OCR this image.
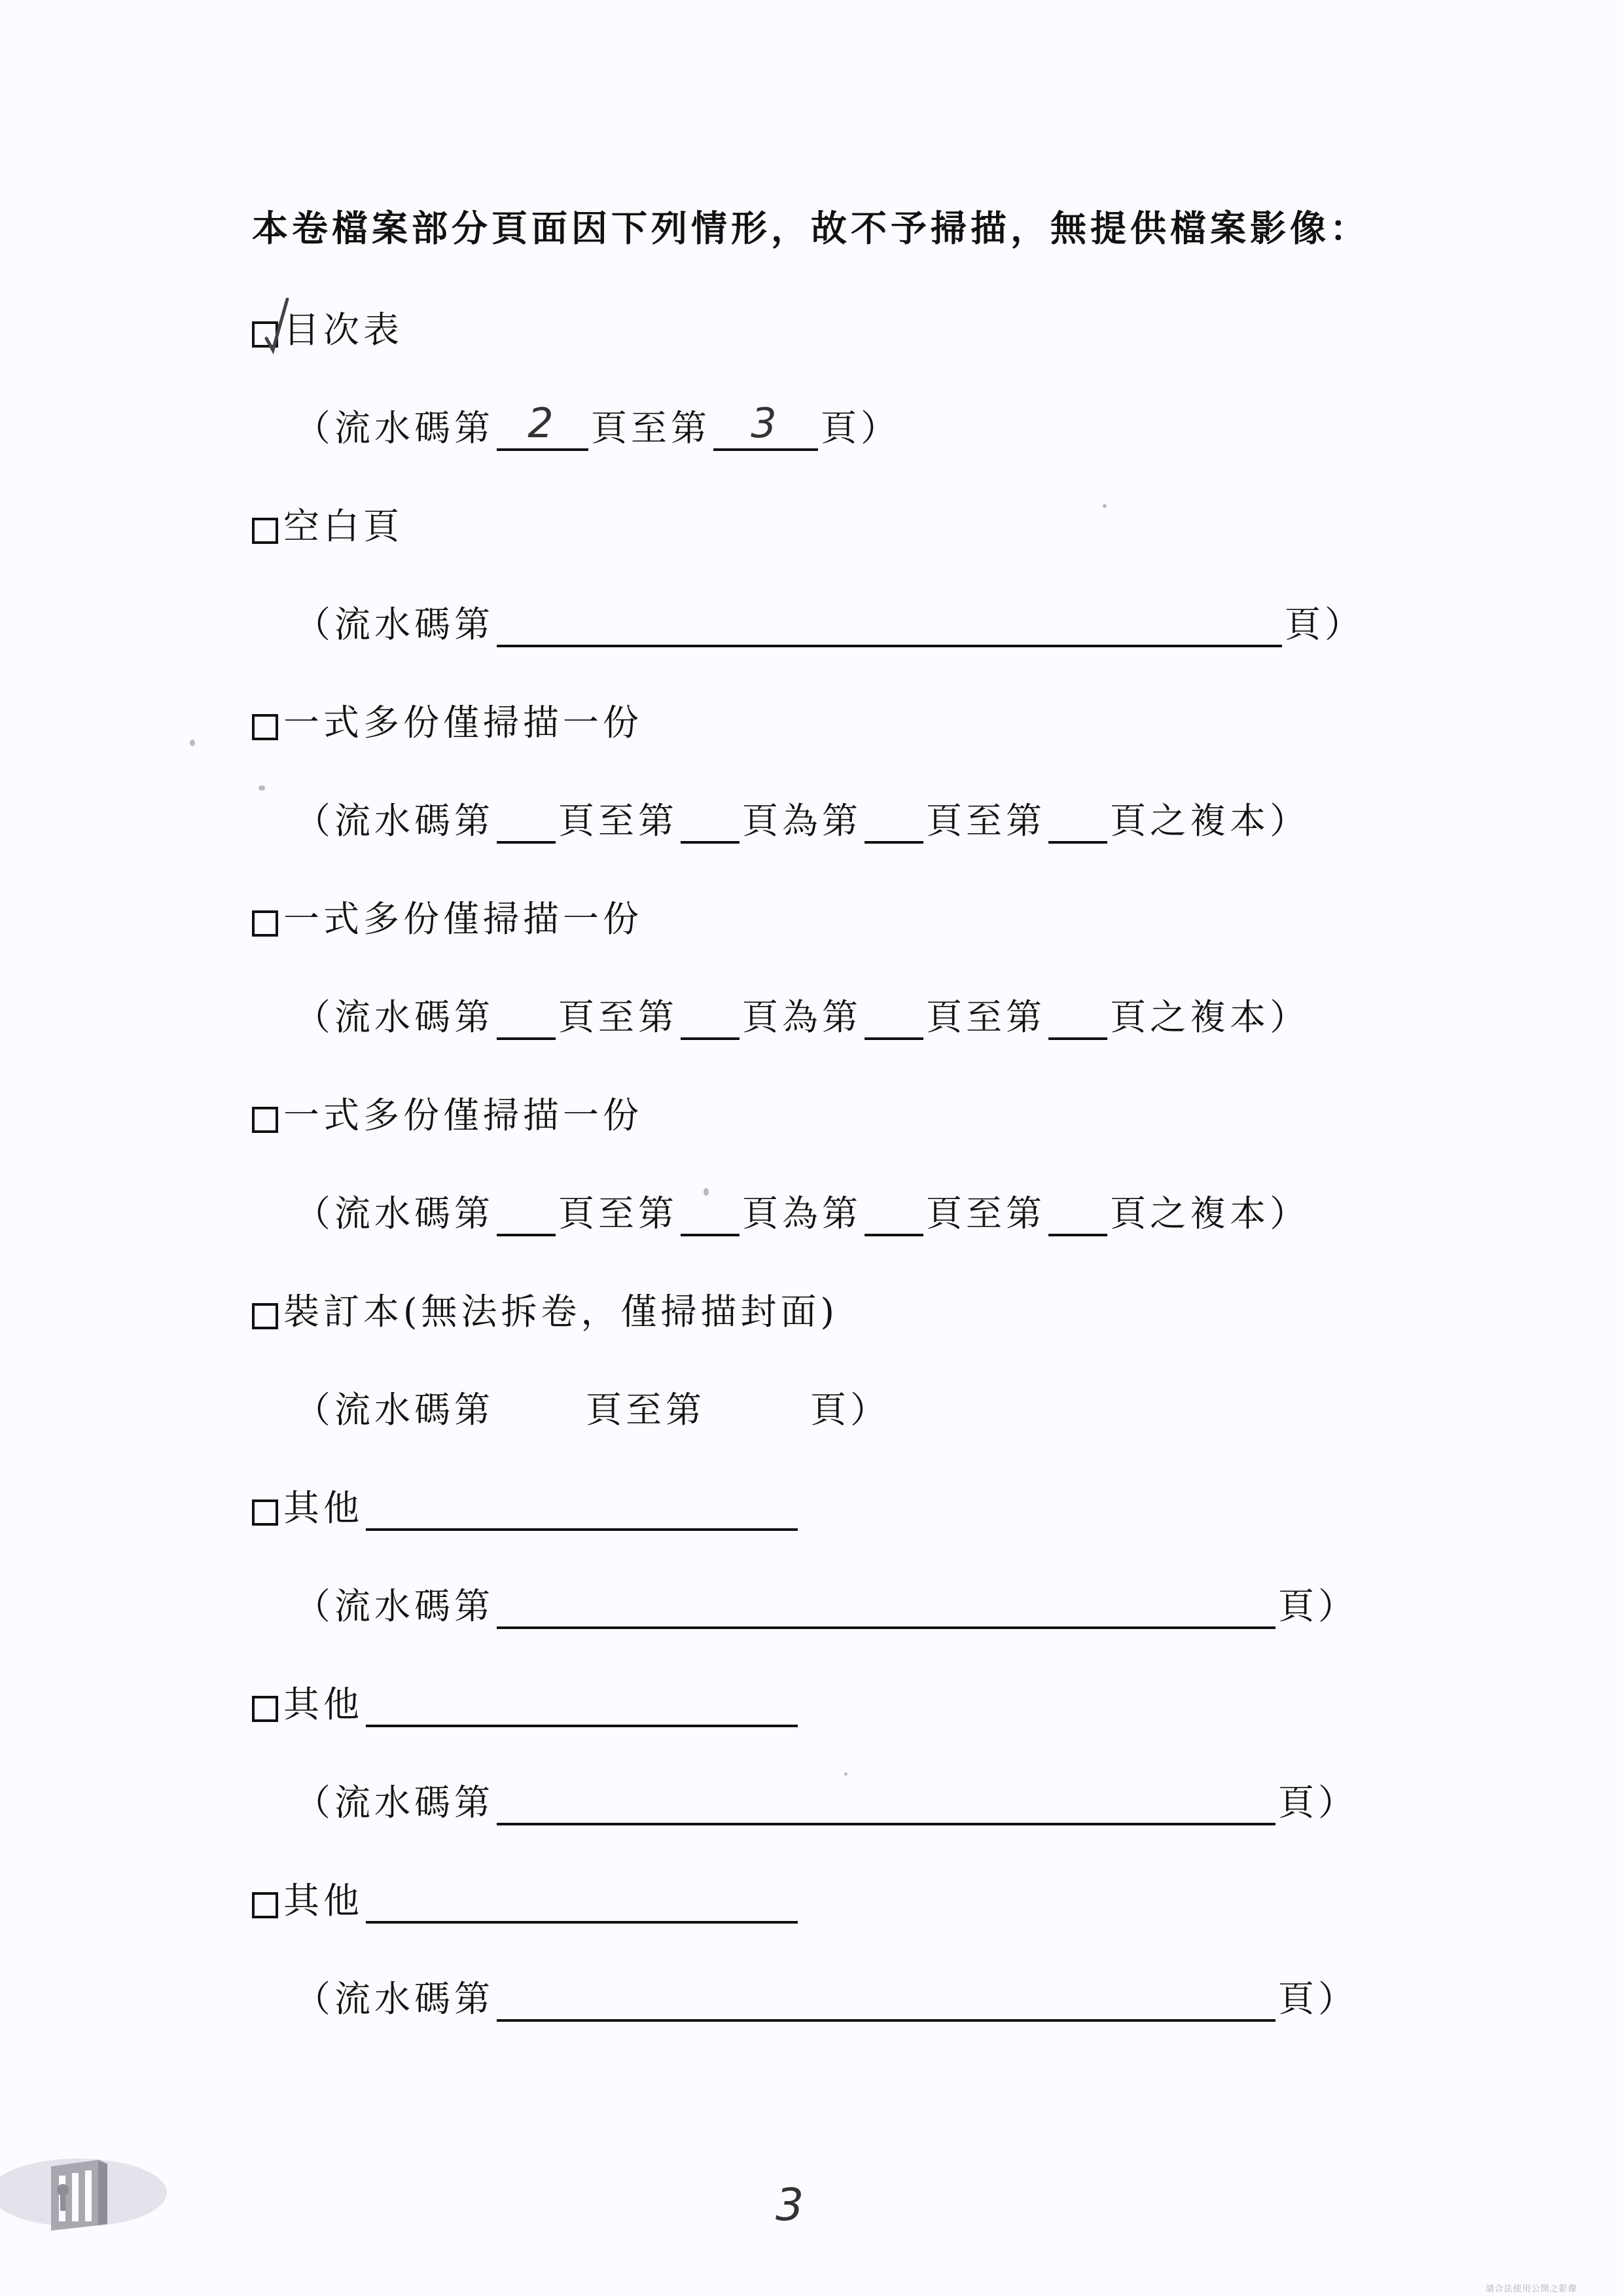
本卷檔案部分頁面因下列情形，故不予掃描，無提供檔案影像：
目次表
（流水碼第 2 頁至第 3 頁）
空白頁
（流水碼第	頁）
一式多份僅掃描一份
（流水碼第 頁至第 頁為第 頁至第 頁之複本）
一式多份僅掃描一份
（流水碼第 頁至第 頁為第 頁至第 頁之複本）
一式多份僅掃描一份
（流水碼第 頁至第 頁為第 頁至第 頁之複本）
裝訂本(無法拆卷，僅掃描封面)
（流水碼第	頁至第	頁）
其他
（流水碼第	頁）
其他
（流水碼第	頁）
其他
（流水碼第	頁）
3
請合法使用公開之影像
